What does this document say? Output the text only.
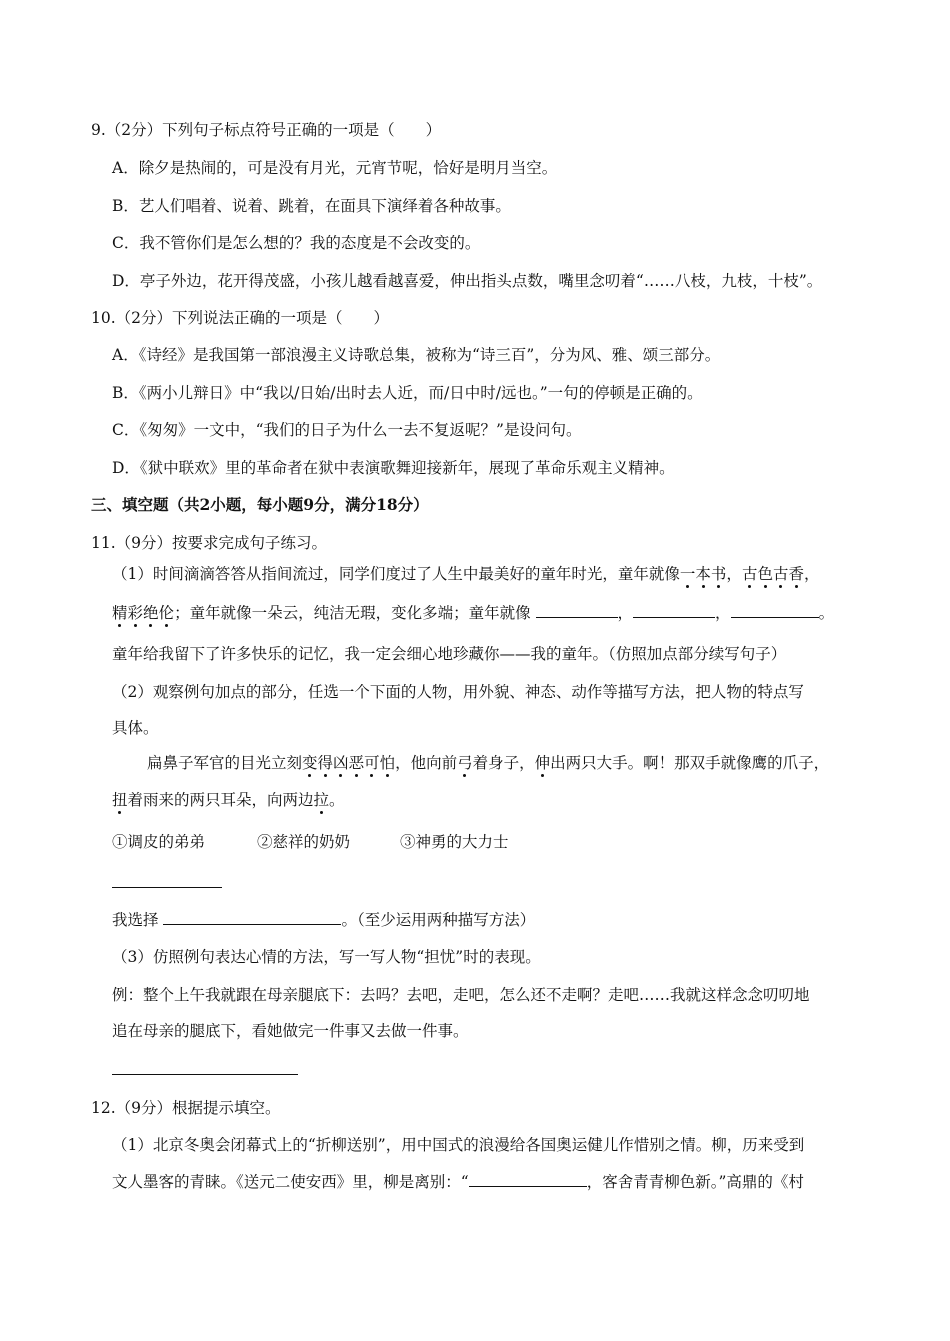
9.（2分）下列句子标点符号正确的一项是（　　）
A．除夕是热闹的，可是没有月光，元宵节呢，恰好是明月当空。
B．艺人们唱着、说着、跳着，在面具下演绎着各种故事。
C．我不管你们是怎么想的？我的态度是不会改变的。
D．亭子外边，花开得茂盛，小孩儿越看越喜爱，伸出指头点数，嘴里念叨着“……八枝，九枝，十枝”。
10.（2分）下列说法正确的一项是（　　）
A．《诗经》是我国第一部浪漫主义诗歌总集，被称为“诗三百”，分为风、雅、颂三部分。
B．《两小儿辩日》中“我以/日始/出时去人近，而/日中时/远也。”一句的停顿是正确的。
C．《匆匆》一文中，“我们的日子为什么一去不复返呢？”是设问句。
D．《狱中联欢》里的革命者在狱中表演歌舞迎接新年，展现了革命乐观主义精神。
三、填空题（共2小题，每小题9分，满分18分）
11.（9分）按要求完成句子练习。
（1）时间滴滴答答从指间流过，同学们度过了人生中最美好的童年时光，童年就像一本书，古色古香，
精彩绝伦；童年就像一朵云，纯洁无瑕，变化多端；童年就像	，	，	。
童年给我留下了许多快乐的记忆，我一定会细心地珍藏你——我的童年。（仿照加点部分续写句子）
（2）观察例句加点的部分，任选一个下面的人物，用外貌、神态、动作等描写方法，把人物的特点写
具体。
扁鼻子军官的目光立刻变得凶恶可怕，他向前弓着身子，伸出两只大手。啊！那双手就像鹰的爪子，
扭着雨来的两只耳朵，向两边拉。
①调皮的弟弟	②慈祥的奶奶	③神勇的大力士
我选择	。（至少运用两种描写方法）
（3）仿照例句表达心情的方法，写一写人物“担忧”时的表现。
例：整个上午我就跟在母亲腿底下：去吗？去吧，走吧，怎么还不走啊？走吧……我就这样念念叨叨地
追在母亲的腿底下，看她做完一件事又去做一件事。
12.（9分）根据提示填空。
（1）北京冬奥会闭幕式上的“折柳送别”，用中国式的浪漫给各国奥运健儿作惜别之情。柳，历来受到
文人墨客的青睐。《送元二使安西》里，柳是离别：“	，客舍青青柳色新。”高鼎的《村
